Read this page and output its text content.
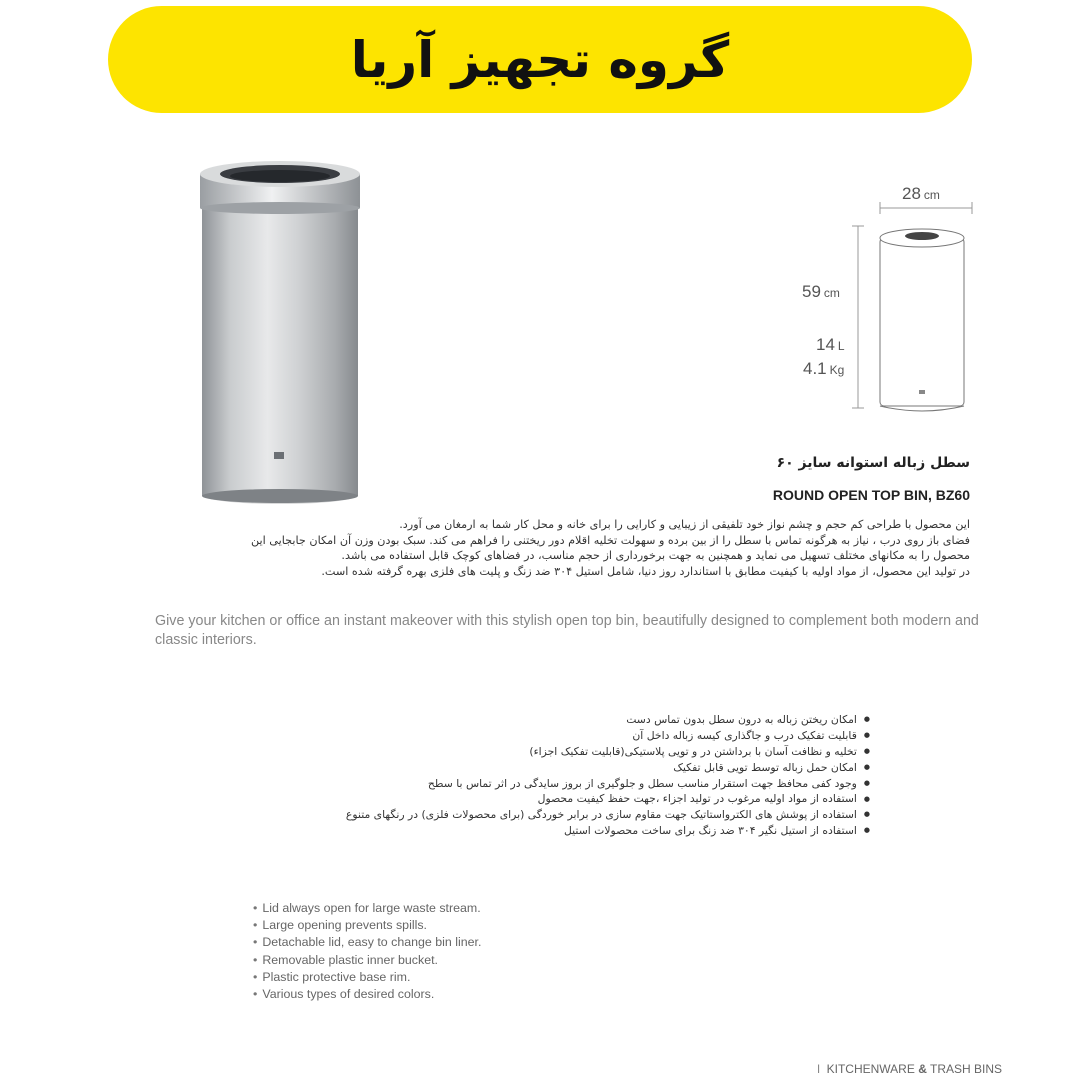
گروه تجهیز آریا
28 cm
59 cm
14 L
4.1 Kg
سطل زباله استوانه سایز ۶۰
ROUND OPEN TOP BIN, BZ60
این محصول با طراحی کم حجم و چشم نواز خود تلفیقی از زیبایی و کارایی را برای خانه و محل کار شما به ارمغان می آورد.
فضای باز روی درب ، نیاز به هرگونه تماس با سطل را از بین برده و سهولت تخلیه اقلام دور ریختنی را فراهم می کند. سبک بودن وزن آن امکان جابجایی این
محصول را به مکانهای مختلف تسهیل می نماید و همچنین به جهت برخورداری از حجم مناسب، در فضاهای کوچک قابل استفاده می باشد.
در تولید این محصول، از مواد اولیه با کیفیت مطابق با استاندارد روز دنیا، شامل استیل ۳۰۴ ضد زنگ و پلیت های فلزی بهره گرفته شده است.
Give your kitchen or office an instant makeover with this stylish open top bin, beautifully designed to complement both modern and classic interiors.
● امکان ریختن زباله به درون سطل بدون تماس دست
● قابلیت تفکیک درب و جاگذاری کیسه زباله داخل آن
● تخلیه و نظافت آسان با برداشتن در و تویی پلاستیکی(قابلیت تفکیک اجزاء)
● امکان حمل زباله توسط تویی قابل تفکیک
● وجود کفی محافظ جهت استقرار مناسب سطل و جلوگیری از بروز سایدگی در اثر تماس با سطح
● استفاده از مواد اولیه مرغوب در تولید اجزاء ،جهت حفظ کیفیت محصول
● استفاده از پوشش های الکترواستاتیک جهت مقاوم سازی در برابر خوردگی (برای محصولات فلزی) در رنگهای متنوع
● استفاده از استیل نگیر ۳۰۴ ضد زنگ برای ساخت محصولات استیل
• Lid always open for large waste stream.
• Large opening prevents spills.
• Detachable lid, easy to change bin liner.
• Removable plastic inner bucket.
• Plastic protective base rim.
• Various types of desired colors.
I KITCHENWARE & TRASH BINS
